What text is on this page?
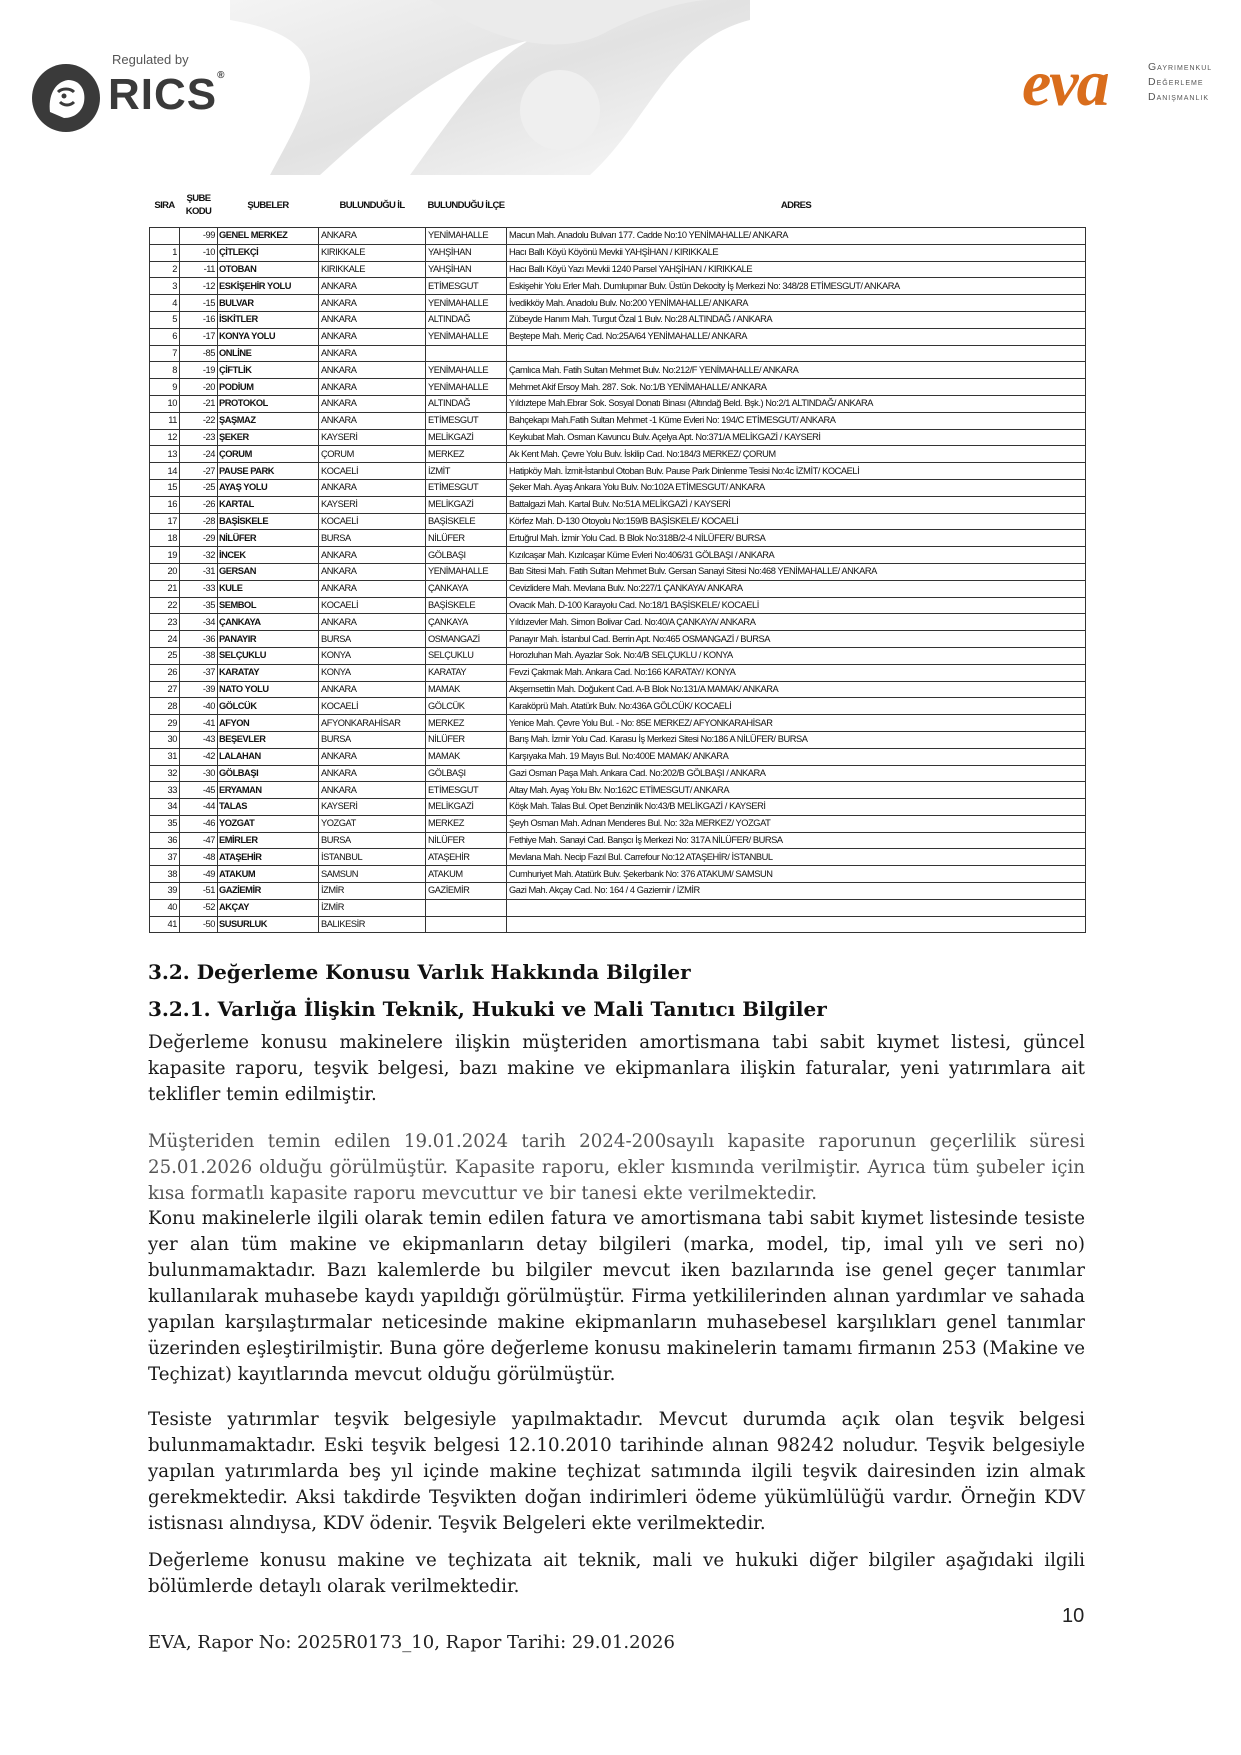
Regulated by
RICS®	eva	Gayrimenkul
Değerleme
Danışmanlık
SIRA	ŞUBE KODU	ŞUBELER	BULUNDUĞU İL	BULUNDUĞU İLÇE	ADRES
	-99	GENEL MERKEZ	ANKARA	YENİMAHALLE	Macun Mah. Anadolu Bulvarı 177. Cadde No:10 YENİMAHALLE/ ANKARA
1	-10	ÇİTLEKÇİ	KIRIKKALE	YAHŞİHAN	Hacı Ballı Köyü Köyönü Mevkii YAHŞİHAN / KIRIKKALE
2	-11	OTOBAN	KIRIKKALE	YAHŞİHAN	Hacı Ballı Köyü Yazı Mevkii 1240 Parsel YAHŞİHAN / KIRIKKALE
3	-12	ESKİŞEHİR YOLU	ANKARA	ETİMESGUT	Eskişehir Yolu Erler Mah. Dumlupınar Bulv. Üstün Dekocity İş Merkezi No: 348/28 ETİMESGUT/ ANKARA
4	-15	BULVAR	ANKARA	YENİMAHALLE	İvedikköy Mah. Anadolu Bulv. No:200 YENİMAHALLE/ ANKARA
5	-16	İSKİTLER	ANKARA	ALTINDAĞ	Zübeyde Hanım Mah. Turgut Özal 1 Bulv. No:28 ALTINDAĞ / ANKARA
6	-17	KONYA YOLU	ANKARA	YENİMAHALLE	Beştepe Mah. Meriç Cad. No:25A/64 YENİMAHALLE/ ANKARA
7	-85	ONLİNE	ANKARA		
8	-19	ÇİFTLİK	ANKARA	YENİMAHALLE	Çamlıca Mah. Fatih Sultan Mehmet Bulv. No:212/F YENİMAHALLE/ ANKARA
9	-20	PODİUM	ANKARA	YENİMAHALLE	Mehmet Akif Ersoy Mah. 287. Sok. No:1/B YENİMAHALLE/ ANKARA
10	-21	PROTOKOL	ANKARA	ALTINDAĞ	Yıldıztepe Mah.Ebrar Sok. Sosyal Donatı Binası (Altındağ Beld. Bşk.) No:2/1 ALTINDAĞ/ ANKARA
11	-22	ŞAŞMAZ	ANKARA	ETİMESGUT	Bahçekapı Mah.Fatih Sultan Mehmet -1 Küme Evleri No: 194/C ETİMESGUT/ ANKARA
12	-23	ŞEKER	KAYSERİ	MELİKGAZİ	Keykubat Mah. Osman Kavuncu Bulv. Açelya Apt. No:371/A MELİKGAZİ / KAYSERİ
13	-24	ÇORUM	ÇORUM	MERKEZ	Ak Kent Mah. Çevre Yolu Bulv. İskilip Cad. No:184/3 MERKEZ/ ÇORUM
14	-27	PAUSE PARK	KOCAELİ	İZMİT	Hatipköy Mah. İzmit-İstanbul Otoban Bulv. Pause Park Dinlenme Tesisi No:4c İZMİT/ KOCAELİ
15	-25	AYAŞ YOLU	ANKARA	ETİMESGUT	Şeker Mah. Ayaş Ankara Yolu Bulv. No:102A ETİMESGUT/ ANKARA
16	-26	KARTAL	KAYSERİ	MELİKGAZİ	Battalgazi Mah. Kartal Bulv. No:51A MELİKGAZİ / KAYSERİ
17	-28	BAŞİSKELE	KOCAELİ	BAŞİSKELE	Körfez Mah. D-130 Otoyolu No:159/B BAŞİSKELE/ KOCAELİ
18	-29	NİLÜFER	BURSA	NİLÜFER	Ertuğrul Mah. İzmir Yolu Cad. B Blok No:318B/2-4 NİLÜFER/ BURSA
19	-32	İNCEK	ANKARA	GÖLBAŞI	Kızılcaşar Mah. Kızılcaşar Küme Evleri No:406/31 GÖLBAŞI / ANKARA
20	-31	GERSAN	ANKARA	YENİMAHALLE	Batı Sitesi Mah. Fatih Sultan Mehmet Bulv. Gersan Sanayi Sitesi No:468 YENİMAHALLE/ ANKARA
21	-33	KULE	ANKARA	ÇANKAYA	Cevizlidere Mah. Mevlana Bulv. No:227/1 ÇANKAYA/ ANKARA
22	-35	SEMBOL	KOCAELİ	BAŞİSKELE	Ovacık Mah. D-100 Karayolu Cad. No:18/1 BAŞİSKELE/ KOCAELİ
23	-34	ÇANKAYA	ANKARA	ÇANKAYA	Yıldızevler Mah. Simon Bolivar Cad. No:40/A ÇANKAYA/ ANKARA
24	-36	PANAYIR	BURSA	OSMANGAZİ	Panayır Mah. İstanbul Cad. Berrin Apt. No:465 OSMANGAZİ / BURSA
25	-38	SELÇUKLU	KONYA	SELÇUKLU	Horozluhan Mah. Ayazlar Sok. No:4/B SELÇUKLU / KONYA
26	-37	KARATAY	KONYA	KARATAY	Fevzi Çakmak Mah. Ankara Cad. No:166 KARATAY/ KONYA
27	-39	NATO YOLU	ANKARA	MAMAK	Akşemsettin Mah. Doğukent Cad. A-B Blok No:131/A MAMAK/ ANKARA
28	-40	GÖLCÜK	KOCAELİ	GÖLCÜK	Karaköprü Mah. Atatürk Bulv. No:436A GÖLCÜK/ KOCAELİ
29	-41	AFYON	AFYONKARAHİSAR	MERKEZ	Yenice Mah. Çevre Yolu Bul. - No: 85E MERKEZ/ AFYONKARAHİSAR
30	-43	BEŞEVLER	BURSA	NİLÜFER	Barış Mah. İzmir Yolu Cad. Karasu İş Merkezi Sitesi No:186 A NİLÜFER/ BURSA
31	-42	LALAHAN	ANKARA	MAMAK	Karşıyaka Mah. 19 Mayıs Bul. No:400E MAMAK/ ANKARA
32	-30	GÖLBAŞI	ANKARA	GÖLBAŞI	Gazi Osman Paşa Mah. Ankara Cad. No:202/B GÖLBAŞI / ANKARA
33	-45	ERYAMAN	ANKARA	ETİMESGUT	Altay Mah. Ayaş Yolu Blv. No:162C ETİMESGUT/ ANKARA
34	-44	TALAS	KAYSERİ	MELİKGAZİ	Köşk Mah. Talas Bul. Opet Benzinlik No:43/B MELİKGAZİ / KAYSERİ
35	-46	YOZGAT	YOZGAT	MERKEZ	Şeyh Osman Mah. Adnan Menderes Bul. No: 32a MERKEZ/ YOZGAT
36	-47	EMİRLER	BURSA	NİLÜFER	Fethiye Mah. Sanayi Cad. Barışcı İş Merkezi No: 317A NİLÜFER/ BURSA
37	-48	ATAŞEHİR	İSTANBUL	ATAŞEHİR	Mevlana Mah. Necip Fazıl Bul. Carrefour No:12 ATAŞEHİR/ İSTANBUL
38	-49	ATAKUM	SAMSUN	ATAKUM	Cumhuriyet Mah. Atatürk Bulv. Şekerbank No: 376 ATAKUM/ SAMSUN
39	-51	GAZİEMİR	İZMİR	GAZİEMİR	Gazi Mah. Akçay Cad. No: 164 / 4 Gaziemir / İZMİR
40	-52	AKÇAY	İZMİR		
41	-50	SUSURLUK	BALIKESİR		
3.2. Değerleme Konusu Varlık Hakkında Bilgiler
3.2.1. Varlığa İlişkin Teknik, Hukuki ve Mali Tanıtıcı Bilgiler

Değerleme konusu makinelere ilişkin müşteriden amortismana tabi sabit kıymet listesi, güncel kapasite raporu, teşvik belgesi, bazı makine ve ekipmanlara ilişkin faturalar, yeni yatırımlara ait teklifler temin edilmiştir.

Müşteriden temin edilen 19.01.2024 tarih 2024-200sayılı kapasite raporunun geçerlilik süresi 25.01.2026 olduğu görülmüştür. Kapasite raporu, ekler kısmında verilmiştir. Ayrıca tüm şubeler için kısa formatlı kapasite raporu mevcuttur ve bir tanesi ekte verilmektedir.

Konu makinelerle ilgili olarak temin edilen fatura ve amortismana tabi sabit kıymet listesinde tesiste yer alan tüm makine ve ekipmanların detay bilgileri (marka, model, tip, imal yılı ve seri no) bulunmamaktadır. Bazı kalemlerde bu bilgiler mevcut iken bazılarında ise genel geçer tanımlar kullanılarak muhasebe kaydı yapıldığı görülmüştür. Firma yetkililerinden alınan yardımlar ve sahada yapılan karşılaştırmalar neticesinde makine ekipmanların muhasebesel karşılıkları genel tanımlar üzerinden eşleştirilmiştir. Buna göre değerleme konusu makinelerin tamamı firmanın 253 (Makine ve Teçhizat) kayıtlarında mevcut olduğu görülmüştür.

Tesiste yatırımlar teşvik belgesiyle yapılmaktadır. Mevcut durumda açık olan teşvik belgesi bulunmamaktadır. Eski teşvik belgesi 12.10.2010 tarihinde alınan 98242 noludur. Teşvik belgesiyle yapılan yatırımlarda beş yıl içinde makine teçhizat satımında ilgili teşvik dairesinden izin almak gerekmektedir. Aksi takdirde Teşvikten doğan indirimleri ödeme yükümlülüğü vardır. Örneğin KDV istisnası alındıysa, KDV ödenir. Teşvik Belgeleri ekte verilmektedir.

Değerleme konusu makine ve teçhizata ait teknik, mali ve hukuki diğer bilgiler aşağıdaki ilgili bölümlerde detaylı olarak verilmektedir.

10
EVA, Rapor No: 2025R0173_10, Rapor Tarihi: 29.01.2026
